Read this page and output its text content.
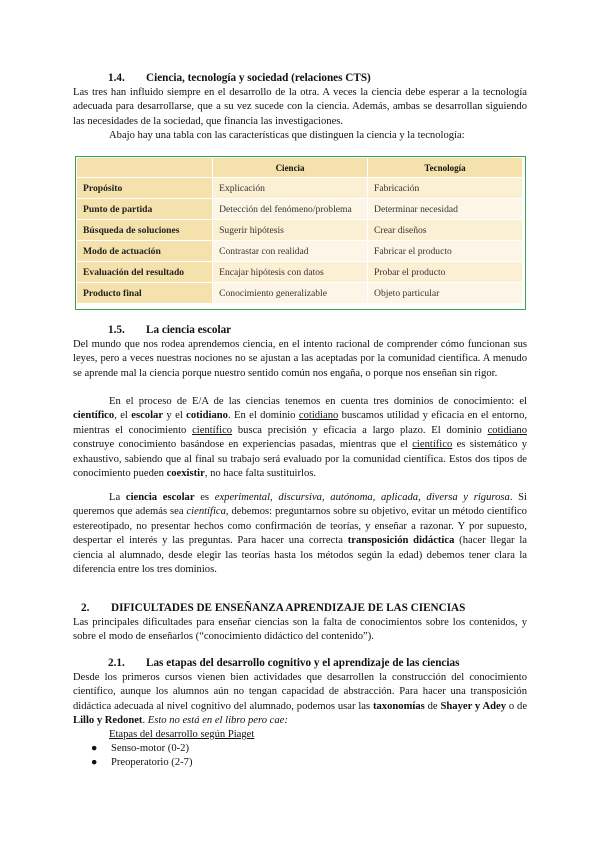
1.4. Ciencia, tecnología y sociedad (relaciones CTS)

Las tres han influido siempre en el desarrollo de la otra. A veces la ciencia debe esperar a la tecnología adecuada para desarrollarse, que a su vez sucede con la ciencia. Además, ambas se desarrollan siguiendo las necesidades de la sociedad, que financia las investigaciones.

Abajo hay una tabla con las características que distinguen la ciencia y la tecnología:

	Ciencia	Tecnología
Propósito	Explicación	Fabricación
Punto de partida	Detección del fenómeno/problema	Determinar necesidad
Búsqueda de soluciones	Sugerir hipótesis	Crear diseños
Modo de actuación	Contrastar con realidad	Fabricar el producto
Evaluación del resultado	Encajar hipótesis con datos	Probar el producto
Producto final	Conocimiento generalizable	Objeto particular
1.5. La ciencia escolar

Del mundo que nos rodea aprendemos ciencia, en el intento racional de comprender cómo funcionan sus leyes, pero a veces nuestras nociones no se ajustan a las aceptadas por la comunidad científica. A menudo se aprende mal la ciencia porque nuestro sentido común nos engaña, o porque nos enseñan sin rigor.

En el proceso de E/A de las ciencias tenemos en cuenta tres dominios de conocimiento: el científico, el escolar y el cotidiano. En el dominio cotidiano buscamos utilidad y eficacia en el entorno, mientras el conocimiento científico busca precisión y eficacia a largo plazo. El dominio cotidiano construye conocimiento basándose en experiencias pasadas, mientras que el científico es sistemático y exhaustivo, sabiendo que al final su trabajo será evaluado por la comunidad científica. Estos dos tipos de conocimiento pueden coexistir, no hace falta sustituirlos.

La ciencia escolar es experimental, discursiva, autónoma, aplicada, diversa y rigurosa. Si queremos que además sea científica, debemos: preguntarnos sobre su objetivo, evitar un método científico estereotipado, no presentar hechos como confirmación de teorías, y enseñar a razonar. Y por supuesto, despertar el interés y las preguntas. Para hacer una correcta transposición didáctica (hacer llegar la ciencia al alumnado, desde elegir las teorías hasta los métodos según la edad) debemos tener clara la diferencia entre los tres dominios.

2. DIFICULTADES DE ENSEÑANZA APRENDIZAJE DE LAS CIENCIAS

Las principales dificultades para enseñar ciencias son la falta de conocimientos sobre los contenidos, y sobre el modo de enseñarlos (“conocimiento didáctico del contenido”).

2.1. Las etapas del desarrollo cognitivo y el aprendizaje de las ciencias

Desde los primeros cursos vienen bien actividades que desarrollen la construcción del conocimiento científico, aunque los alumnos aún no tengan capacidad de abstracción. Para hacer una transposición didáctica adecuada al nivel cognitivo del alumnado, podemos usar las taxonomías de Shayer y Adey o de Lillo y Redonet. Esto no está en el libro pero cae:

Etapas del desarrollo según Piaget
● Senso-motor (0-2)
● Preoperatorio (2-7)
